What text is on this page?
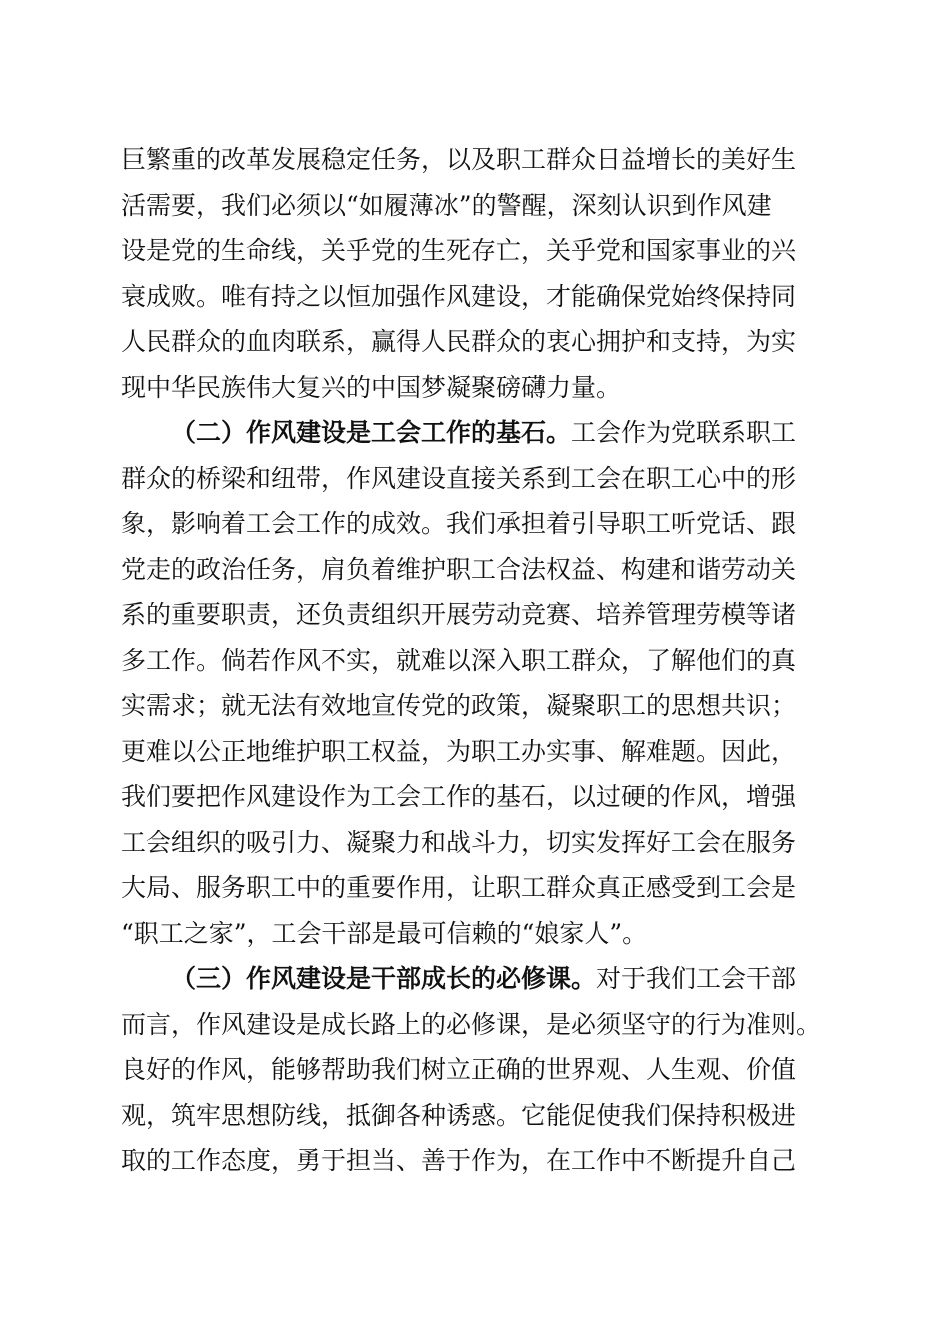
巨繁重的改革发展稳定任务，以及职工群众日益增长的美好生
活需要，我们必须以“如履薄冰”的警醒，深刻认识到作风建
设是党的生命线，关乎党的生死存亡，关乎党和国家事业的兴
衰成败。唯有持之以恒加强作风建设，才能确保党始终保持同
人民群众的血肉联系，赢得人民群众的衷心拥护和支持，为实
现中华民族伟大复兴的中国梦凝聚磅礴力量。
（二）作风建设是工会工作的基石。工会作为党联系职工
群众的桥梁和纽带，作风建设直接关系到工会在职工心中的形
象，影响着工会工作的成效。我们承担着引导职工听党话、跟
党走的政治任务，肩负着维护职工合法权益、构建和谐劳动关
系的重要职责，还负责组织开展劳动竞赛、培养管理劳模等诸
多工作。倘若作风不实，就难以深入职工群众，了解他们的真
实需求；就无法有效地宣传党的政策，凝聚职工的思想共识；
更难以公正地维护职工权益，为职工办实事、解难题。因此，
我们要把作风建设作为工会工作的基石，以过硬的作风，增强
工会组织的吸引力、凝聚力和战斗力，切实发挥好工会在服务
大局、服务职工中的重要作用，让职工群众真正感受到工会是
“职工之家”，工会干部是最可信赖的“娘家人”。
（三）作风建设是干部成长的必修课。对于我们工会干部
而言，作风建设是成长路上的必修课，是必须坚守的行为准则。
良好的作风，能够帮助我们树立正确的世界观、人生观、价值
观，筑牢思想防线，抵御各种诱惑。它能促使我们保持积极进
取的工作态度，勇于担当、善于作为，在工作中不断提升自己
